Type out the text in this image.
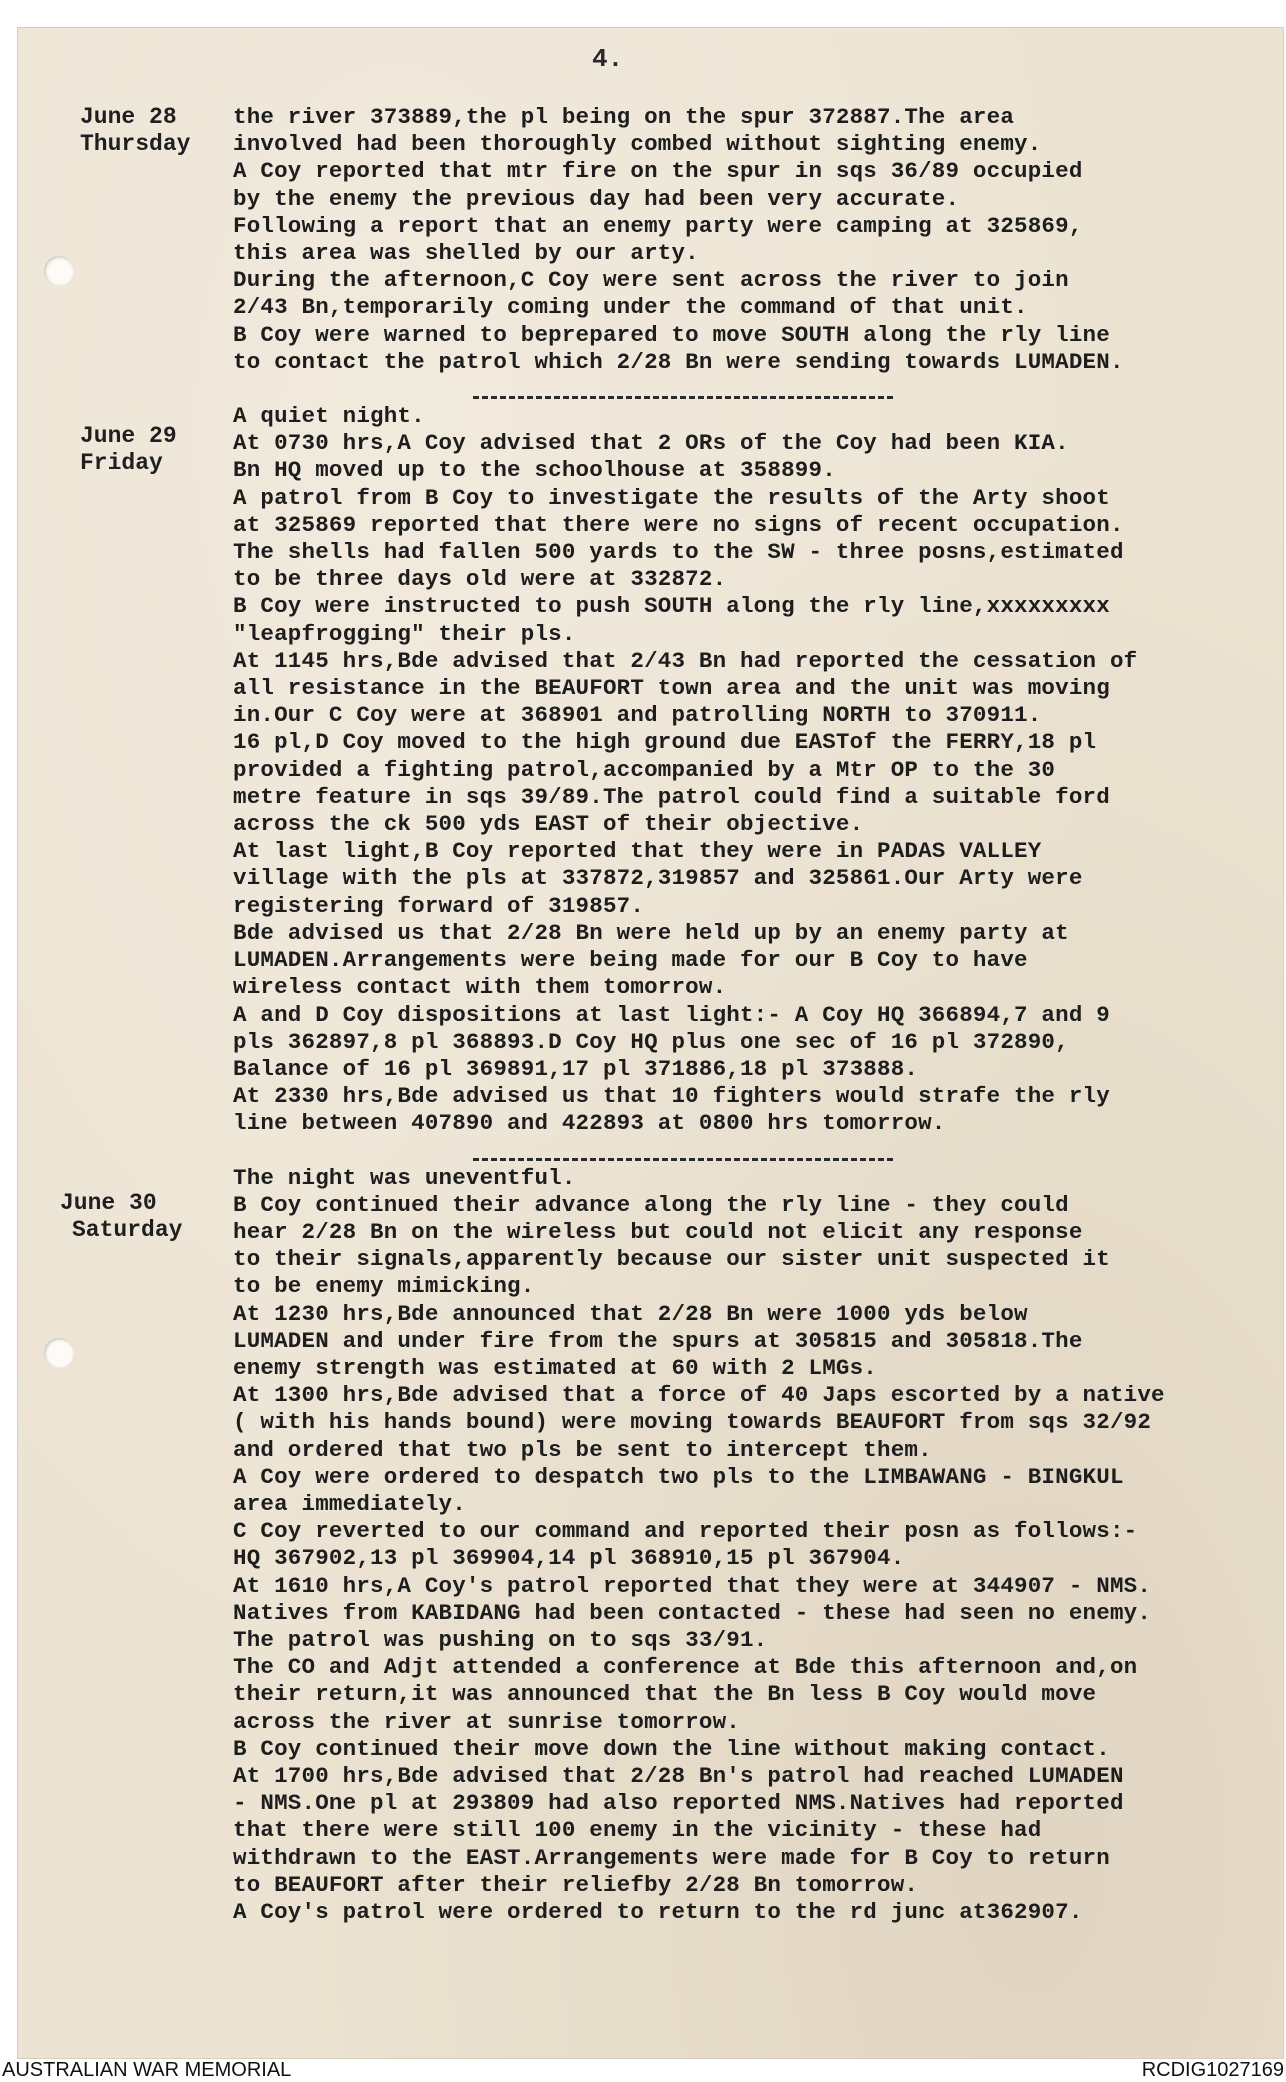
4.
June 28
Thursday
June 29
Friday
June 30
Saturday
the river 373889,the pl being on the spur 372887.The area
involved had been thoroughly combed without sighting enemy.
A Coy reported that mtr fire on the spur in sqs 36/89 occupied
by the enemy the previous day had been very accurate.
Following a report that an enemy party were camping at 325869,
this area was shelled by our arty.
During the afternoon,C Coy were sent across the river to join
2/43 Bn,temporarily coming under the command of that unit.
B Coy were warned to beprepared to move SOUTH along the rly line
to contact the patrol which 2/28 Bn were sending towards LUMADEN.
A quiet night.
At 0730 hrs,A Coy advised that 2 ORs of the Coy had been KIA.
Bn HQ moved up to the schoolhouse at 358899.
A patrol from B Coy to investigate the results of the Arty shoot
at 325869 reported that there were no signs of recent occupation.
The shells had fallen 500 yards to the SW - three posns,estimated
to be three days old were at 332872.
B Coy were instructed to push SOUTH along the rly line,xxxxxxxxx
"leapfrogging" their pls.
At 1145 hrs,Bde advised that 2/43 Bn had reported the cessation of
all resistance in the BEAUFORT town area and the unit was moving
in.Our C Coy were at 368901 and patrolling NORTH to 370911.
16 pl,D Coy moved to the high ground due EASTof the FERRY,18 pl
provided a fighting patrol,accompanied by a Mtr OP to the 30
metre feature in sqs 39/89.The patrol could find a suitable ford
across the ck 500 yds EAST of their objective.
At last light,B Coy reported that they were in PADAS VALLEY
village with the pls at 337872,319857 and 325861.Our Arty were
registering forward of 319857.
Bde advised us that 2/28 Bn were held up by an enemy party at
LUMADEN.Arrangements were being made for our B Coy to have
wireless contact with them tomorrow.
A and D Coy dispositions at last light:- A Coy HQ 366894,7 and 9
pls 362897,8 pl 368893.D Coy HQ plus one sec of 16 pl 372890,
Balance of 16 pl 369891,17 pl 371886,18 pl 373888.
At 2330 hrs,Bde advised us that 10 fighters would strafe the rly
line between 407890 and 422893 at 0800 hrs tomorrow.
The night was uneventful.
B Coy continued their advance along the rly line - they could
hear 2/28 Bn on the wireless but could not elicit any response
to their signals,apparently because our sister unit suspected it
to be enemy mimicking.
At 1230 hrs,Bde announced that 2/28 Bn were 1000 yds below
LUMADEN and under fire from the spurs at 305815 and 305818.The
enemy strength was estimated at 60 with 2 LMGs.
At 1300 hrs,Bde advised that a force of 40 Japs escorted by a native
( with his hands bound) were moving towards BEAUFORT from sqs 32/92
and ordered that two pls be sent to intercept them.
A Coy were ordered to despatch two pls to the LIMBAWANG - BINGKUL
area immediately.
C Coy reverted to our command and reported their posn as follows:-
HQ 367902,13 pl 369904,14 pl 368910,15 pl 367904.
At 1610 hrs,A Coy's patrol reported that they were at 344907 - NMS.
Natives from KABIDANG had been contacted - these had seen no enemy.
The patrol was pushing on to sqs 33/91.
The CO and Adjt attended a conference at Bde this afternoon and,on
their return,it was announced that the Bn less B Coy would move
across the river at sunrise tomorrow.
B Coy continued their move down the line without making contact.
At 1700 hrs,Bde advised that 2/28 Bn's patrol had reached LUMADEN
- NMS.One pl at 293809 had also reported NMS.Natives had reported
that there were still 100 enemy in the vicinity - these had
withdrawn to the EAST.Arrangements were made for B Coy to return
to BEAUFORT after their reliefby 2/28 Bn tomorrow.
A Coy's patrol were ordered to return to the rd junc at362907.
AUSTRALIAN WAR MEMORIAL	RCDIG1027169
